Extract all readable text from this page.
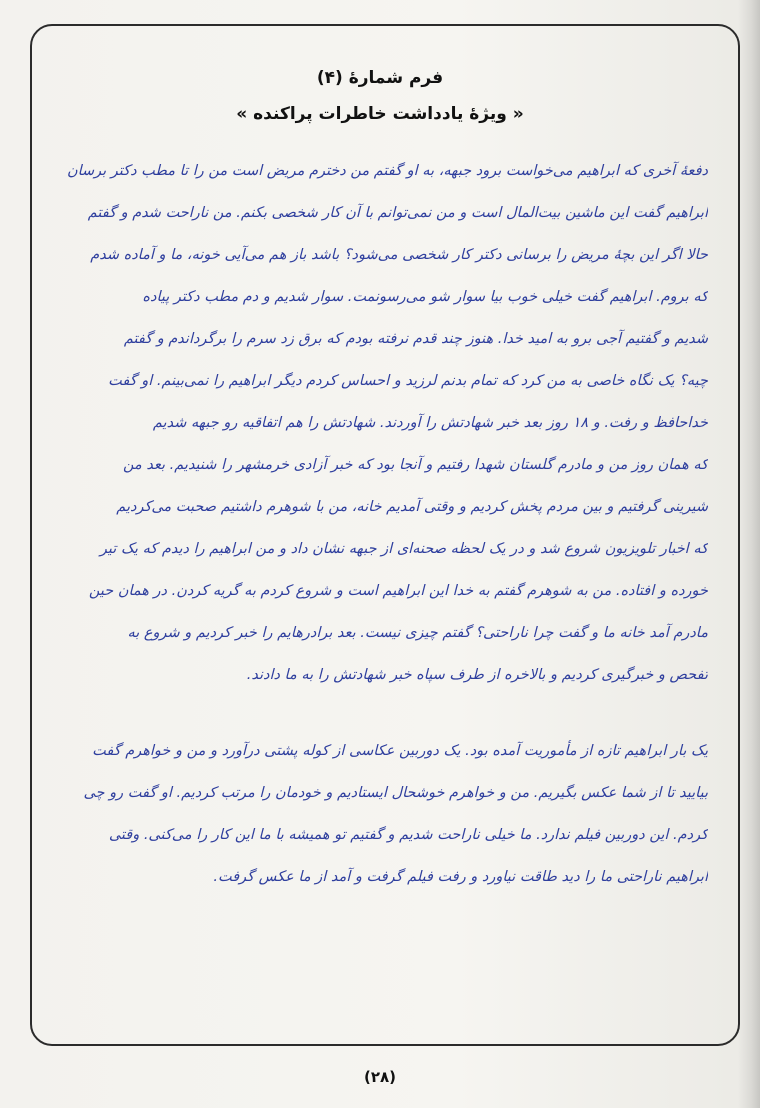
فرم شمارهٔ (۴)
« ویژهٔ یادداشت خاطرات پراکنده »
دفعهٔ آخری که ابراهیم می‌خواست برود جبهه، به او گفتم من دخترم مریض است من را تا مطب دکتر برسان
ابراهیم گفت این ماشین بیت‌المال است و من نمی‌توانم با آن کار شخصی بکنم. من ناراحت شدم و گفتم
حالا اگر این بچهٔ مریض را برسانی دکتر کار شخصی می‌شود؟ باشد باز هم می‌آیی خونه، ما و آماده شدم
که بروم. ابراهیم گفت خیلی خوب بیا سوار شو می‌رسونمت. سوار شدیم و دم مطب دکتر پیاده
شدیم و گفتیم آجی برو به امید خدا. هنوز چند قدم نرفته بودم که برق زد سرم را برگرداندم و گفتم
چیه؟ یک نگاه خاصی به من کرد که تمام بدنم لرزید و احساس کردم دیگر ابراهیم را نمی‌بینم. او گفت
خداحافظ و رفت. و ۱۸ روز بعد خبر شهادتش را آوردند. شهادتش را هم اتفاقیه رو جبهه شدیم
که همان روز من و مادرم گلستان شهدا رفتیم و آنجا بود که خبر آزادی خرمشهر را شنیدیم. بعد من
شیرینی گرفتیم و بین مردم پخش کردیم و وقتی آمدیم خانه، من با شوهرم داشتیم صحبت می‌کردیم
که اخبار تلویزیون شروع شد و در یک لحظه صحنه‌ای از جبهه نشان داد و من ابراهیم را دیدم که یک تیر
خورده و افتاده. من به شوهرم گفتم به خدا این ابراهیم است و شروع کردم به گریه کردن. در همان حین
مادرم آمد خانه ما و گفت چرا ناراحتی؟ گفتم چیزی نیست. بعد برادرهایم را خبر کردیم و شروع به
تفحص و خبرگیری کردیم و بالاخره از طرف سپاه خبر شهادتش را به ما دادند.
یک بار ابراهیم تازه از مأموریت آمده بود. یک دوربین عکاسی از کوله پشتی درآورد و من و خواهرم گفت
بیایید تا از شما عکس بگیریم. من و خواهرم خوشحال ایستادیم و خودمان را مرتب کردیم. او گفت رو چی
کردم. این دوربین فیلم ندارد. ما خیلی ناراحت شدیم و گفتیم تو همیشه با ما این کار را می‌کنی. وقتی
ابراهیم ناراحتی ما را دید طاقت نیاورد و رفت فیلم گرفت و آمد از ما عکس گرفت.
(۲۸)
